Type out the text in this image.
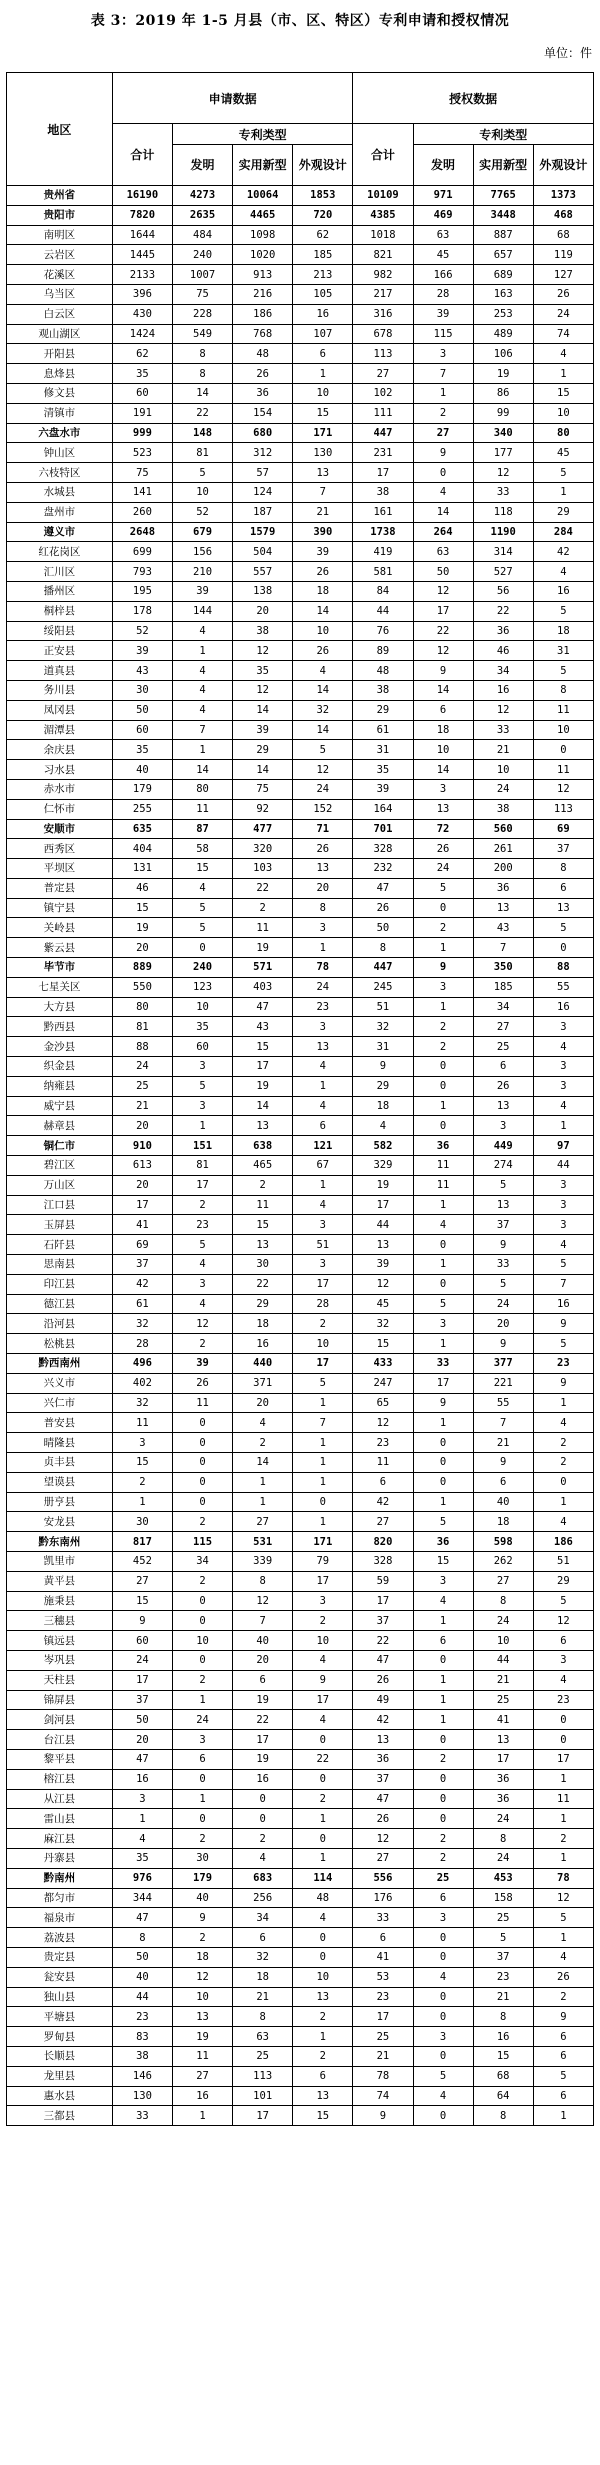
表 3：2019 年 1-5 月县（市、区、特区）专利申请和授权情况
单位：件
地区	申请数据				授权数据			
	合计	专利类型			合计	专利类型		
		发明	实用新型	外观设计		发明	实用新型	外观设计
贵州省	16190	4273	10064	1853	10109	971	7765	1373
贵阳市	7820	2635	4465	720	4385	469	3448	468
南明区	1644	484	1098	62	1018	63	887	68
云岩区	1445	240	1020	185	821	45	657	119
花溪区	2133	1007	913	213	982	166	689	127
乌当区	396	75	216	105	217	28	163	26
白云区	430	228	186	16	316	39	253	24
观山湖区	1424	549	768	107	678	115	489	74
开阳县	62	8	48	6	113	3	106	4
息烽县	35	8	26	1	27	7	19	1
修文县	60	14	36	10	102	1	86	15
清镇市	191	22	154	15	111	2	99	10
六盘水市	999	148	680	171	447	27	340	80
钟山区	523	81	312	130	231	9	177	45
六枝特区	75	5	57	13	17	0	12	5
水城县	141	10	124	7	38	4	33	1
盘州市	260	52	187	21	161	14	118	29
遵义市	2648	679	1579	390	1738	264	1190	284
红花岗区	699	156	504	39	419	63	314	42
汇川区	793	210	557	26	581	50	527	4
播州区	195	39	138	18	84	12	56	16
桐梓县	178	144	20	14	44	17	22	5
绥阳县	52	4	38	10	76	22	36	18
正安县	39	1	12	26	89	12	46	31
道真县	43	4	35	4	48	9	34	5
务川县	30	4	12	14	38	14	16	8
凤冈县	50	4	14	32	29	6	12	11
湄潭县	60	7	39	14	61	18	33	10
余庆县	35	1	29	5	31	10	21	0
习水县	40	14	14	12	35	14	10	11
赤水市	179	80	75	24	39	3	24	12
仁怀市	255	11	92	152	164	13	38	113
安顺市	635	87	477	71	701	72	560	69
西秀区	404	58	320	26	328	26	261	37
平坝区	131	15	103	13	232	24	200	8
普定县	46	4	22	20	47	5	36	6
镇宁县	15	5	2	8	26	0	13	13
关岭县	19	5	11	3	50	2	43	5
紫云县	20	0	19	1	8	1	7	0
毕节市	889	240	571	78	447	9	350	88
七星关区	550	123	403	24	245	3	185	55
大方县	80	10	47	23	51	1	34	16
黔西县	81	35	43	3	32	2	27	3
金沙县	88	60	15	13	31	2	25	4
织金县	24	3	17	4	9	0	6	3
纳雍县	25	5	19	1	29	0	26	3
威宁县	21	3	14	4	18	1	13	4
赫章县	20	1	13	6	4	0	3	1
铜仁市	910	151	638	121	582	36	449	97
碧江区	613	81	465	67	329	11	274	44
万山区	20	17	2	1	19	11	5	3
江口县	17	2	11	4	17	1	13	3
玉屏县	41	23	15	3	44	4	37	3
石阡县	69	5	13	51	13	0	9	4
思南县	37	4	30	3	39	1	33	5
印江县	42	3	22	17	12	0	5	7
德江县	61	4	29	28	45	5	24	16
沿河县	32	12	18	2	32	3	20	9
松桃县	28	2	16	10	15	1	9	5
黔西南州	496	39	440	17	433	33	377	23
兴义市	402	26	371	5	247	17	221	9
兴仁市	32	11	20	1	65	9	55	1
普安县	11	0	4	7	12	1	7	4
晴隆县	3	0	2	1	23	0	21	2
贞丰县	15	0	14	1	11	0	9	2
望谟县	2	0	1	1	6	0	6	0
册亨县	1	0	1	0	42	1	40	1
安龙县	30	2	27	1	27	5	18	4
黔东南州	817	115	531	171	820	36	598	186
凯里市	452	34	339	79	328	15	262	51
黄平县	27	2	8	17	59	3	27	29
施秉县	15	0	12	3	17	4	8	5
三穗县	9	0	7	2	37	1	24	12
镇远县	60	10	40	10	22	6	10	6
岑巩县	24	0	20	4	47	0	44	3
天柱县	17	2	6	9	26	1	21	4
锦屏县	37	1	19	17	49	1	25	23
剑河县	50	24	22	4	42	1	41	0
台江县	20	3	17	0	13	0	13	0
黎平县	47	6	19	22	36	2	17	17
榕江县	16	0	16	0	37	0	36	1
从江县	3	1	0	2	47	0	36	11
雷山县	1	0	0	1	26	0	24	1
麻江县	4	2	2	0	12	2	8	2
丹寨县	35	30	4	1	27	2	24	1
黔南州	976	179	683	114	556	25	453	78
都匀市	344	40	256	48	176	6	158	12
福泉市	47	9	34	4	33	3	25	5
荔波县	8	2	6	0	6	0	5	1
贵定县	50	18	32	0	41	0	37	4
瓮安县	40	12	18	10	53	4	23	26
独山县	44	10	21	13	23	0	21	2
平塘县	23	13	8	2	17	0	8	9
罗甸县	83	19	63	1	25	3	16	6
长顺县	38	11	25	2	21	0	15	6
龙里县	146	27	113	6	78	5	68	5
惠水县	130	16	101	13	74	4	64	6
三都县	33	1	17	15	9	0	8	1
